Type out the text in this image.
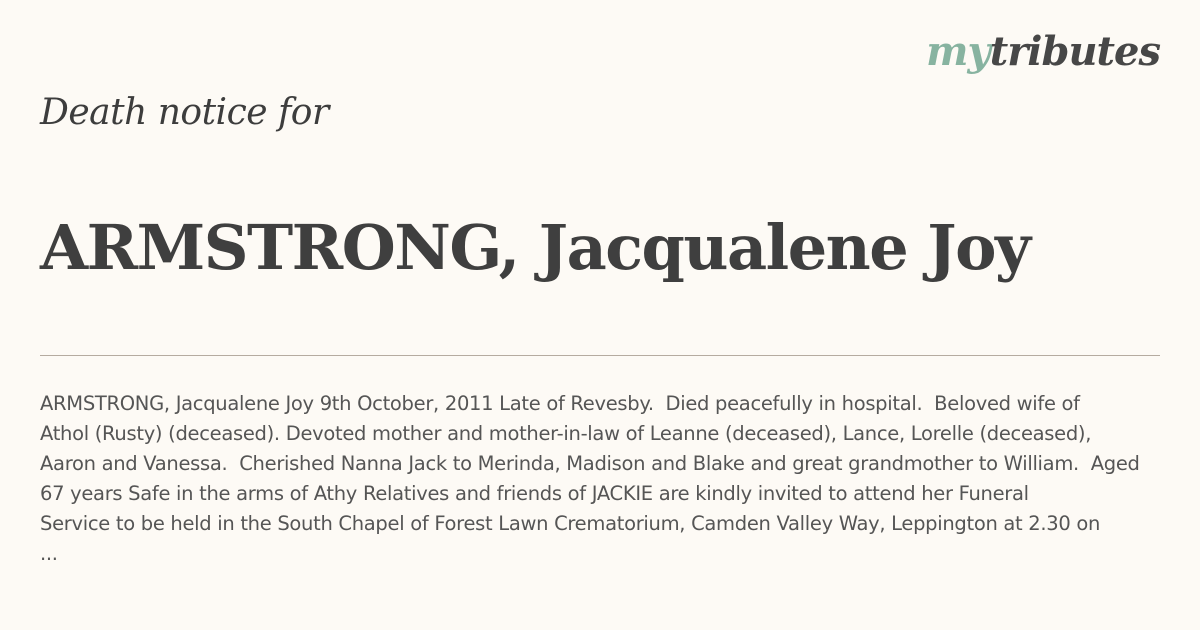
mytributes
Death notice for
ARMSTRONG, Jacqualene Joy

ARMSTRONG, Jacqualene Joy 9th October, 2011 Late of Revesby.  Died peacefully in hospital.  Beloved wife of
Athol (Rusty) (deceased). Devoted mother and mother-in-law of Leanne (deceased), Lance, Lorelle (deceased),
Aaron and Vanessa.  Cherished Nanna Jack to Merinda, Madison and Blake and great grandmother to William.  Aged
67 years Safe in the arms of Athy Relatives and friends of JACKIE are kindly invited to attend her Funeral
Service to be held in the South Chapel of Forest Lawn Crematorium, Camden Valley Way, Leppington at 2.30 on
...
